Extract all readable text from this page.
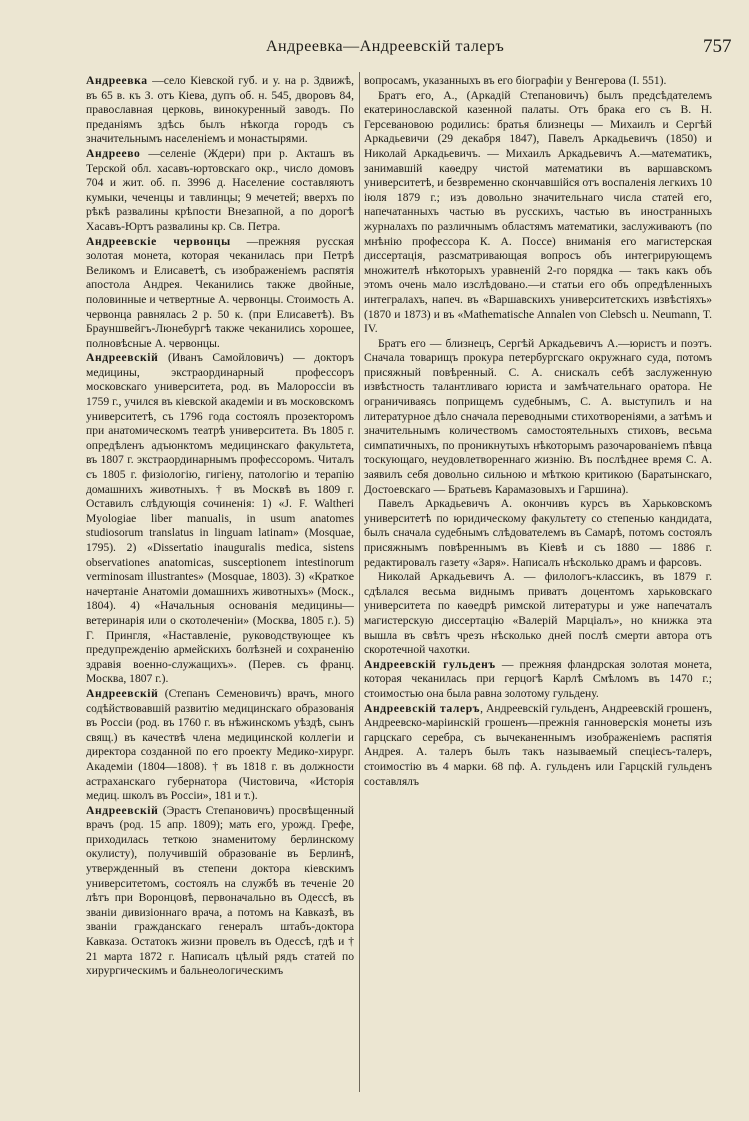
Андреевка—Андреевскій талеръ	757

Андреевка —село Кіевской губ. и у. на р. Здвижѣ, въ 65 в. къ З. отъ Кіева, дупъ об. н. 545, дворовъ 84, православная церковь, винокуренный заводъ. По преданіямъ здѣсь былъ нѣкогда городъ съ значительнымъ населеніемъ и монастырями.

Андреево —селеніе (Ждери) при р. Акташъ въ Терской обл. хасавъ-юртовскаго окр., число домовъ 704 и жит. об. п. 3996 д. Население составляютъ кумыки, чеченцы и тавлинцы; 9 мечетей; вверхъ по рѣкѣ развалины крѣпости Внезапной, а по дорогѣ Хасавъ-Юртъ развалины кр. Св. Петра.

Андреевскіе червонцы —прежняя русская золотая монета, которая чеканилась при Петрѣ Великомъ и Елисаветѣ, съ изображеніемъ распятія апостола Андрея. Чеканились также двойные, половинные и четвертные А. червонцы. Стоимость А. червонца равнялась 2 р. 50 к. (при Елисаветѣ). Въ Брауншвейгъ-Люнебургѣ также чеканились хорошее, полновѣсные А. червонцы.

Андреевскій (Иванъ Самойловичъ) — докторъ медицины, экстраординарный профессоръ московскаго университета, род. въ Малороссіи въ 1759 г., учился въ кіевской академіи и въ московскомъ университетѣ, съ 1796 года состоялъ прозекторомъ при анатомическомъ театрѣ университета. Въ 1805 г. опредѣленъ адъюнктомъ медицинскаго факультета, въ 1807 г. экстраординарнымъ профессоромъ. Читалъ съ 1805 г. физіологію, гигіену, патологію и терапію домашнихъ животныхъ. † въ Москвѣ въ 1809 г. Оставилъ слѣдующія сочиненія: 1) «J. F. Waltheri Myologiae liber manualis, in usum anatomes studiosorum translatus in linguam latinam» (Mosquae, 1795). 2) «Dissertatio inauguralis medica, sistens observationes anatomicas, susceptionem intestinorum verminosam illustrantes» (Mosquae, 1803). 3) «Краткое начертаніе Анатоміи домашнихъ животныхъ» (Моск., 1804). 4) «Начальныя основанія медицины—ветеринарія или о скотолеченіи» (Москва, 1805 г.). 5) Г. Прингля, «Наставленіе, руководствующее къ предупрежденію армейскихъ болѣзней и сохраненію здравія военно-служащихъ». (Перев. съ франц. Москва, 1807 г.).

Андреевскій (Степанъ Семеновичъ) врачъ, много содѣйствовавшій развитію медицинскаго образованія въ Россіи (род. въ 1760 г. въ нѣжинскомъ уѣздѣ, сынъ свящ.) въ качествѣ члена медицинской коллегіи и директора созданной по его проекту Медико-хирург. Академіи (1804—1808). † въ 1818 г. въ должности астраханскаго губернатора (Чистовича, «Исторія медиц. школъ въ Россіи», 181 и т.).

Андреевскій (Эрастъ Степановичъ) просвѣщенный врачъ (род. 15 апр. 1809); мать его, урожд. Грефе, приходилась теткою знаменитому берлинскому окулисту), получившій образованіе въ Берлинѣ, утвержденный въ степени доктора кіевскимъ университетомъ, состоялъ на службѣ въ теченіе 20 лѣтъ при Воронцовѣ, первоначально въ Одессѣ, въ званіи дивизіоннаго врача, а потомъ на Кавказѣ, въ званіи гражданскаго генералъ штабъ-доктора Кавказа. Остатокъ жизни провелъ въ Одессѣ, гдѣ и † 21 марта 1872 г. Написалъ цѣлый рядъ статей по хирургическимъ и бальнеологическимъ

вопросамъ, указанныхъ въ его біографіи у Венгерова (I. 551).

Братъ его, А., (Аркадій Степановичъ) былъ предсѣдателемъ екатеринославской казенной палаты. Отъ брака его съ В. Н. Герсевановою родились: братья близнецы — Михаилъ и Сергѣй Аркадьевичи (29 декабря 1847), Павелъ Аркадьевичъ (1850) и Николай Аркадьевичъ. — Михаилъ Аркадьевичъ А.—математикъ, занимавшій каѳедру чистой математики въ варшавскомъ университетѣ, и безвременно скончавшійся отъ воспаленія легкихъ 10 іюля 1879 г.; изъ довольно значительнаго числа статей его, напечатанныхъ частью въ русскихъ, частью въ иностранныхъ журналахъ по различнымъ областямъ математики, заслуживаютъ (по мнѣнію профессора К. А. Поссе) вниманія его магистерская диссертація, разсматривающая вопросъ объ интегрирующемъ множителѣ нѣкоторыхъ уравненій 2-го порядка — такъ какъ объ этомъ очень мало изслѣдовано.—и статьи его объ опредѣленныхъ интегралахъ, напеч. въ «Варшавскихъ университетскихъ извѣстіяхъ» (1870 и 1873) и въ «Mathematische Annalen von Clebsch u. Neumann, T. IV.

Братъ его — близнецъ, Сергѣй Аркадьевичъ А.—юристъ и поэтъ. Сначала товарищъ прокура петербургскаго окружнаго суда, потомъ присяжный повѣренный. С. А. снискалъ себѣ заслуженную извѣстность талантливаго юриста и замѣчательнаго оратора. Не ограничиваясь поприщемъ судебнымъ, С. А. выступилъ и на литературное дѣло сначала переводными стихотвореніями, а затѣмъ и значительнымъ количествомъ самостоятельныхъ стиховъ, весьма симпатичныхъ, по проникнутыхъ нѣкоторымъ разочарованіемъ пѣвца тоскующаго, неудовлетвореннаго жизнію. Въ послѣднее время С. А. заявилъ себя довольно сильною и мѣткою критикою (Баратынскаго, Достоевскаго — Братьевъ Карамазовыхъ и Гаршина).

Павелъ Аркадьевичъ А. окончивъ курсъ въ Харьковскомъ университетѣ по юридическому факультету со степенью кандидата, былъ сначала судебнымъ слѣдователемъ въ Самарѣ, потомъ состоялъ присяжнымъ повѣреннымъ въ Кіевѣ и съ 1880 — 1886 г. редактировалъ газету «Заря». Написалъ нѣсколько драмъ и фарсовъ.

Николай Аркадьевичъ А. — филологъ-классикъ, въ 1879 г. сдѣлался весьма виднымъ приватъ доцентомъ харьковскаго университета по каѳедрѣ римской литературы и уже напечаталъ магистерскую диссертацію «Валерій Марціалъ», но книжка эта вышла въ свѣтъ чрезъ нѣсколько дней послѣ смерти автора отъ скоротечной чахотки.

Андреевскій гульденъ — прежняя фландрская золотая монета, которая чеканилась при герцогѣ Карлѣ Смѣломъ въ 1470 г.; стоимостью она была равна золотому гульдену.

Андреевскій талеръ, Андреевскій гульденъ, Андреевскій грошенъ, Андреевско-маріинскій грошенъ—прежнія ганноверскія монеты изъ гарцскаго серебра, съ вычеканеннымъ изображеніемъ распятія Андрея. А. талеръ былъ такъ называемый спеціесъ-талеръ, стоимостію въ 4 марки. 68 пф. А. гульденъ или Гарцскій гульденъ составлялъ
